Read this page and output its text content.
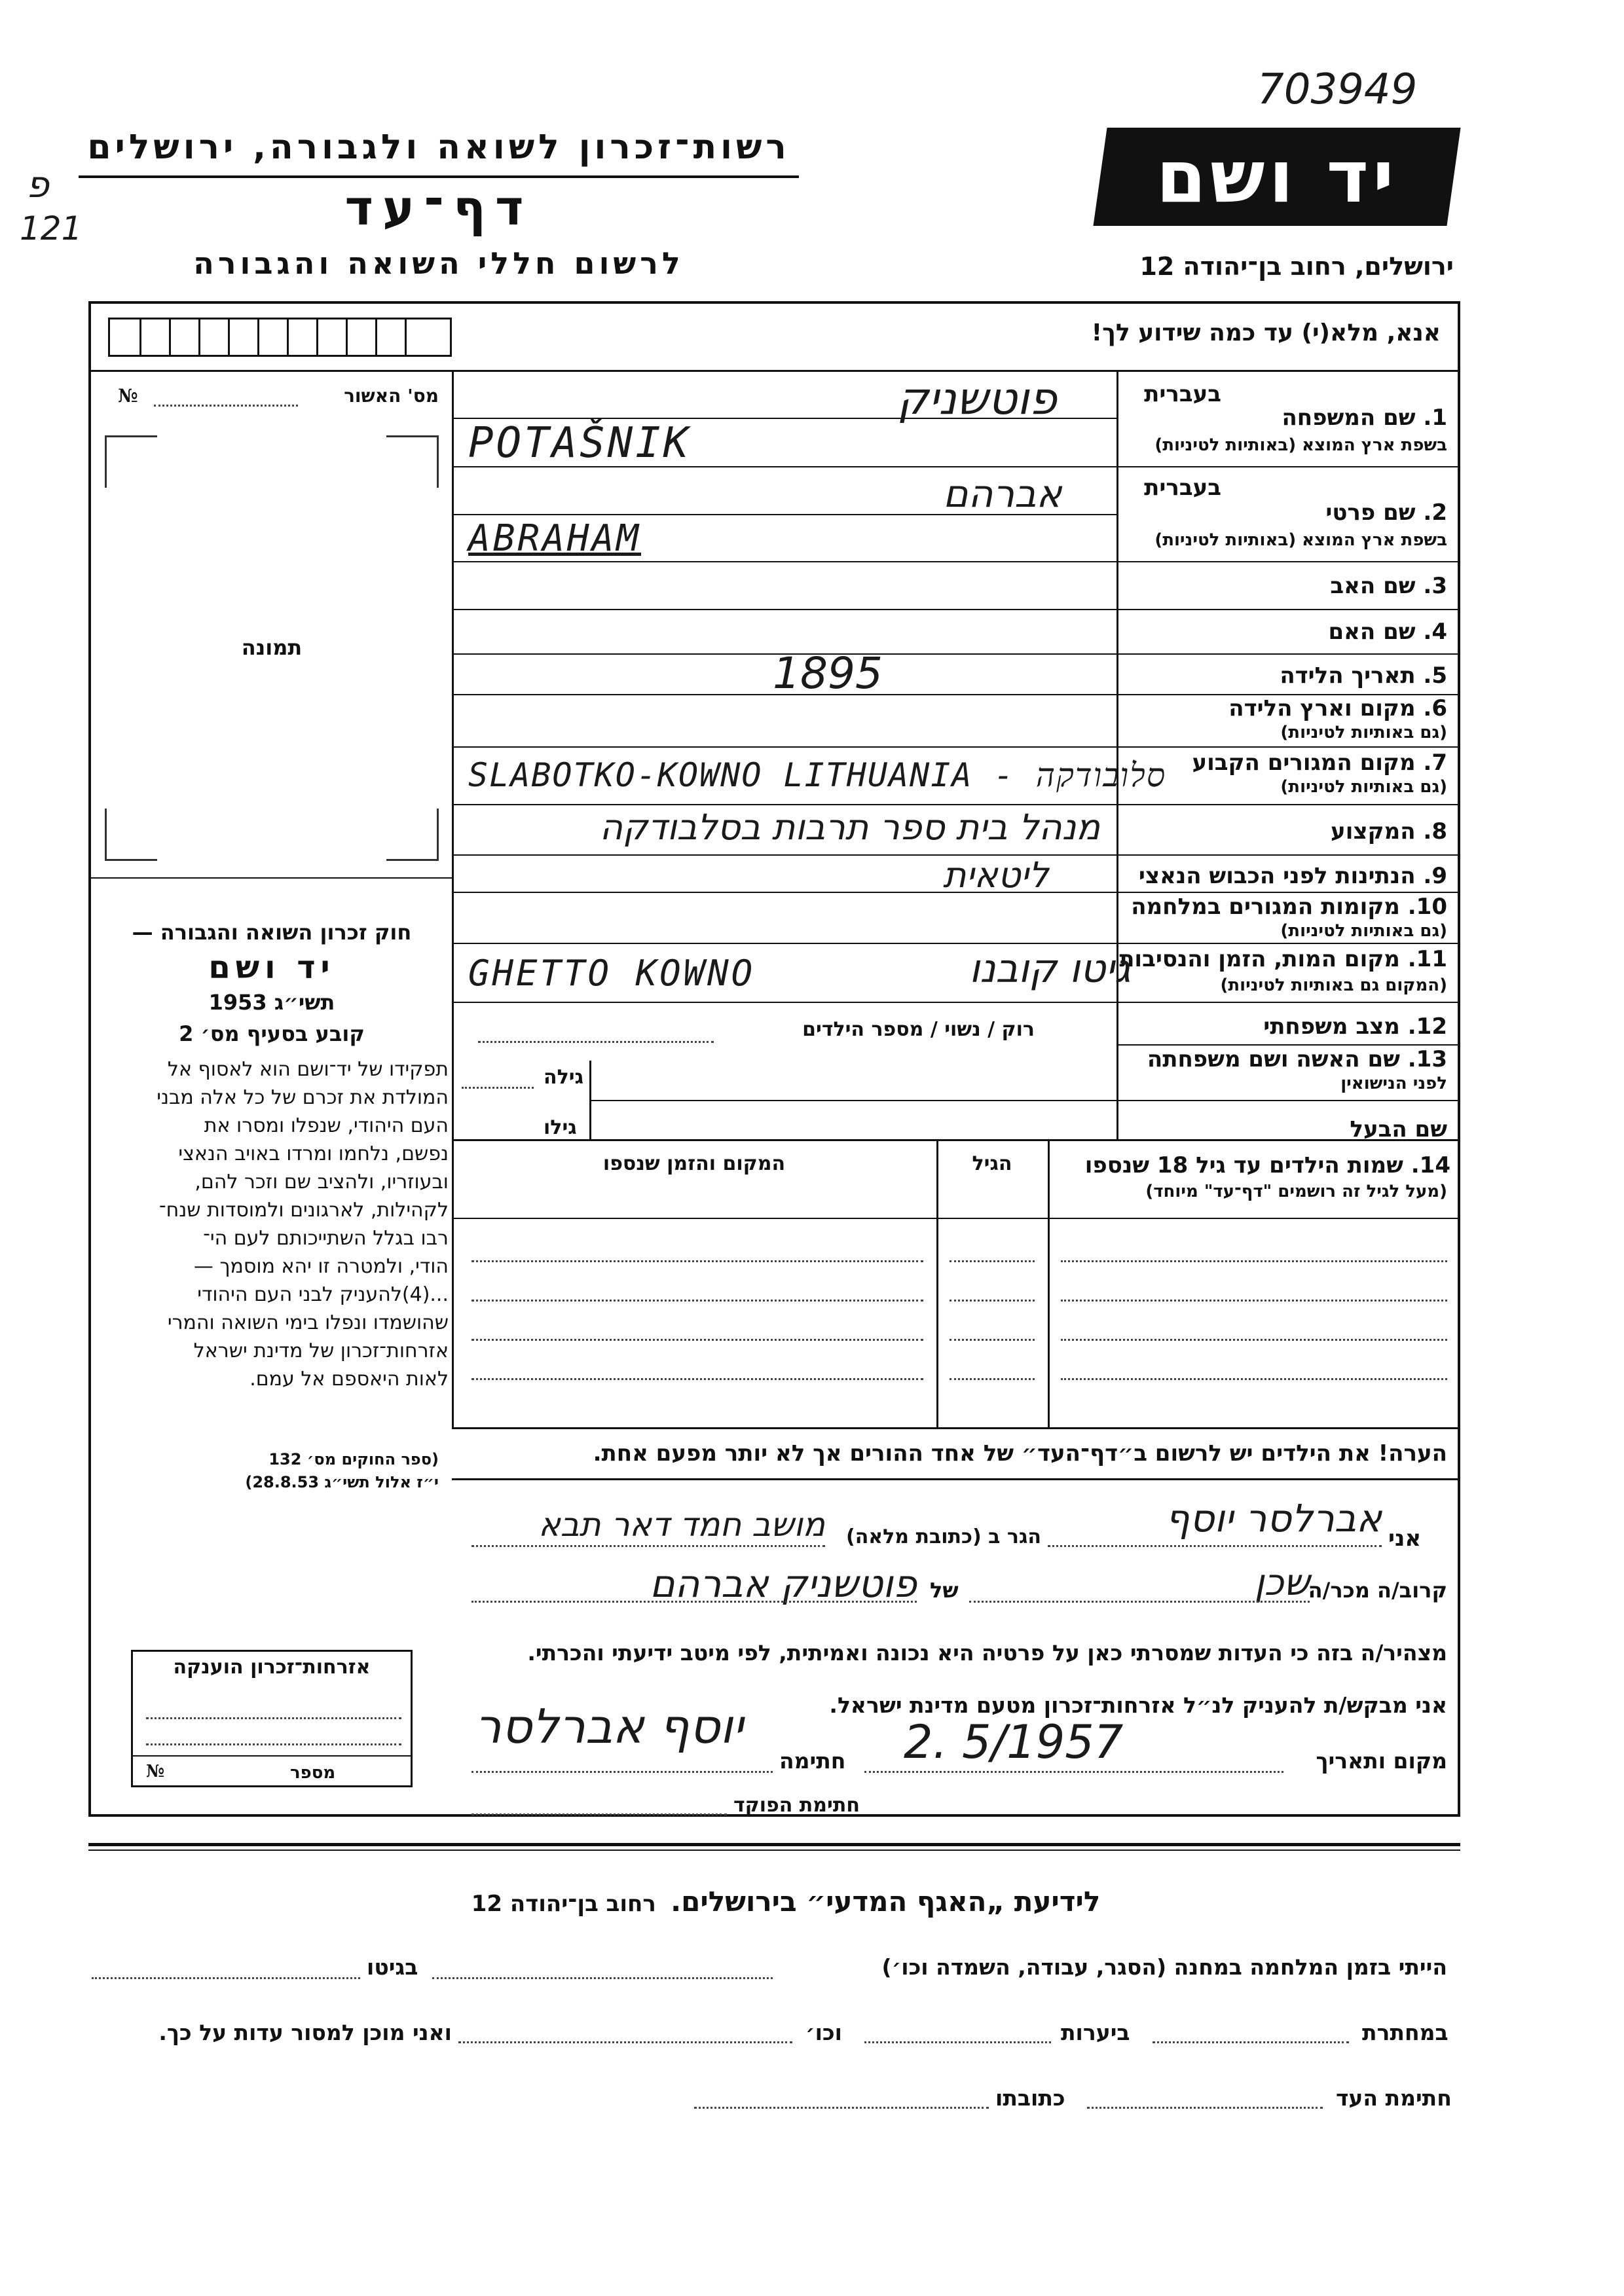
703949
פ
121
רשות־זכרון לשואה ולגבורה, ירושלים
דף־עד
לרשום חללי השואה והגבורה
יד ושם
ירושלים, רחוב בן־יהודה 12
אנא, מלא(י) עד כמה שידוע לך!
מס' האשור
№
תמונה
חוק זכרון השואה והגבורה —
יד ושם
1953 תשי״ג
קובע בסעיף מס׳ 2
תפקידו של יד־ושם הוא לאסוף אל
המולדת את זכרם של כל אלה מבני
העם היהודי, שנפלו ומסרו את
נפשם, נלחמו ומרדו באויב הנאצי
ובעוזריו, ולהציב שם וזכר להם,
לקהילות, לארגונים ולמוסדות שנח־
רבו בגלל השתייכותם לעם הי־
הודי, ולמטרה זו יהא מוסמך —
...(4)להעניק לבני העם היהודי
שהושמדו ונפלו בימי השואה והמרי
אזרחות־זכרון של מדינת ישראל
לאות היאספם אל עמם.
(ספר החוקים מס׳ 132
י״ז אלול תשי״ג 28.8.53)
בעברית
1. שם המשפחה
בשפת ארץ המוצא (באותיות לטיניות)
בעברית
2. שם פרטי
בשפת ארץ המוצא (באותיות לטיניות)
3. שם האב
4. שם האם
5. תאריך הלידה
6. מקום וארץ הלידה
(גם באותיות לטיניות)
7. מקום המגורים הקבוע
(גם באותיות לטיניות)
8. המקצוע
9. הנתינות לפני הכבוש הנאצי
10. מקומות המגורים במלחמה
(גם באותיות לטיניות)
11. מקום המות, הזמן והנסיבות
(המקום גם באותיות לטיניות)
12. מצב משפחתי
13. שם האשה ושם משפחתה
לפני הנישואין
שם הבעל
פוטשניק
POTAŠNIK
אברהם
ABRAHAM
1895
SLABOTKO-KOWNO LITHUANIA - סלובודקה
מנהל בית ספר תרבות בסלבודקה
ליטאית
GHETTO KOWNO	גיטו קובנו
רוק / נשוי / מספר הילדים
גילה
גילו
14. שמות הילדים עד גיל 18 שנספו
(מעל לגיל זה רושמים "דף־עד" מיוחד)
הגיל
המקום והזמן שנספו
הערה! את הילדים יש לרשום ב״דף־העד״ של אחד ההורים אך לא יותר מפעם אחת.
אני
אברלסר יוסף
הגר ב (כתובת מלאה)
מושב חמד דאר תבא
קרוב/ה מכר/ה
שכן
של
פוטשניק אברהם
מצהיר/ה בזה כי העדות שמסרתי כאן על פרטיה היא נכונה ואמיתית, לפי מיטב ידיעתי והכרתי.
אני מבקש/ת להעניק לנ״ל אזרחות־זכרון מטעם מדינת ישראל.
מקום ותאריך
2. 5/1957
חתימה
יוסף אברלסר
חתימת הפוקד
אזרחות־זכרון הוענקה
מספר
№
לידיעת „האגף המדעי״ בירושלים.    רחוב בן־יהודה 12
הייתי בזמן המלחמה במחנה (הסגר, עבודה, השמדה וכו׳)
בגיטו
במחתרת
ביערות
וכו׳
ואני מוכן למסור עדות על כך.
חתימת העד
כתובתו
